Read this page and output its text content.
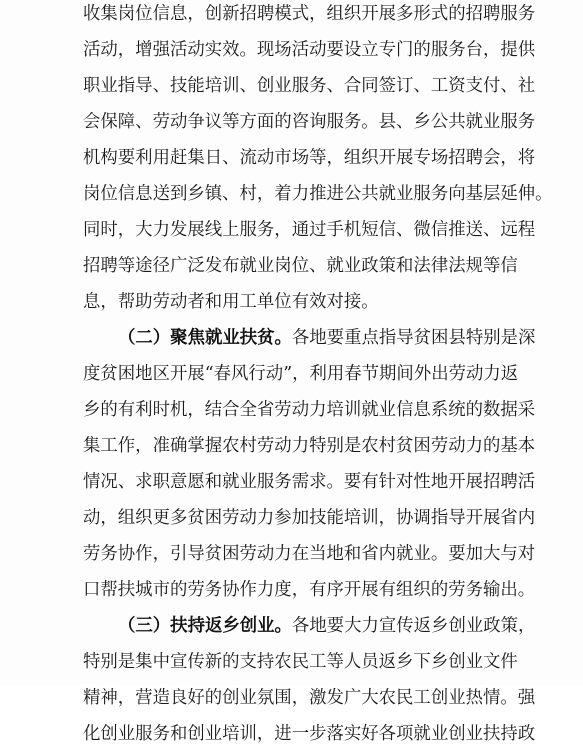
收集岗位信息，创新招聘模式，组织开展多形式的招聘服务
活动，增强活动实效。现场活动要设立专门的服务台，提供
职业指导、技能培训、创业服务、合同签订、工资支付、社
会保障、劳动争议等方面的咨询服务。县、乡公共就业服务
机构要利用赶集日、流动市场等，组织开展专场招聘会，将
岗位信息送到乡镇、村，着力推进公共就业服务向基层延伸。
同时，大力发展线上服务，通过手机短信、微信推送、远程
招聘等途径广泛发布就业岗位、就业政策和法律法规等信
息，帮助劳动者和用工单位有效对接。
（二）聚焦就业扶贫。各地要重点指导贫困县特别是深
度贫困地区开展“春风行动”，利用春节期间外出劳动力返
乡的有利时机，结合全省劳动力培训就业信息系统的数据采
集工作，准确掌握农村劳动力特别是农村贫困劳动力的基本
情况、求职意愿和就业服务需求。要有针对性地开展招聘活
动，组织更多贫困劳动力参加技能培训，协调指导开展省内
劳务协作，引导贫困劳动力在当地和省内就业。要加大与对
口帮扶城市的劳务协作力度，有序开展有组织的劳务输出。
（三）扶持返乡创业。各地要大力宣传返乡创业政策，
特别是集中宣传新的支持农民工等人员返乡下乡创业文件
精神，营造良好的创业氛围，激发广大农民工创业热情。强
化创业服务和创业培训，进一步落实好各项就业创业扶持政
